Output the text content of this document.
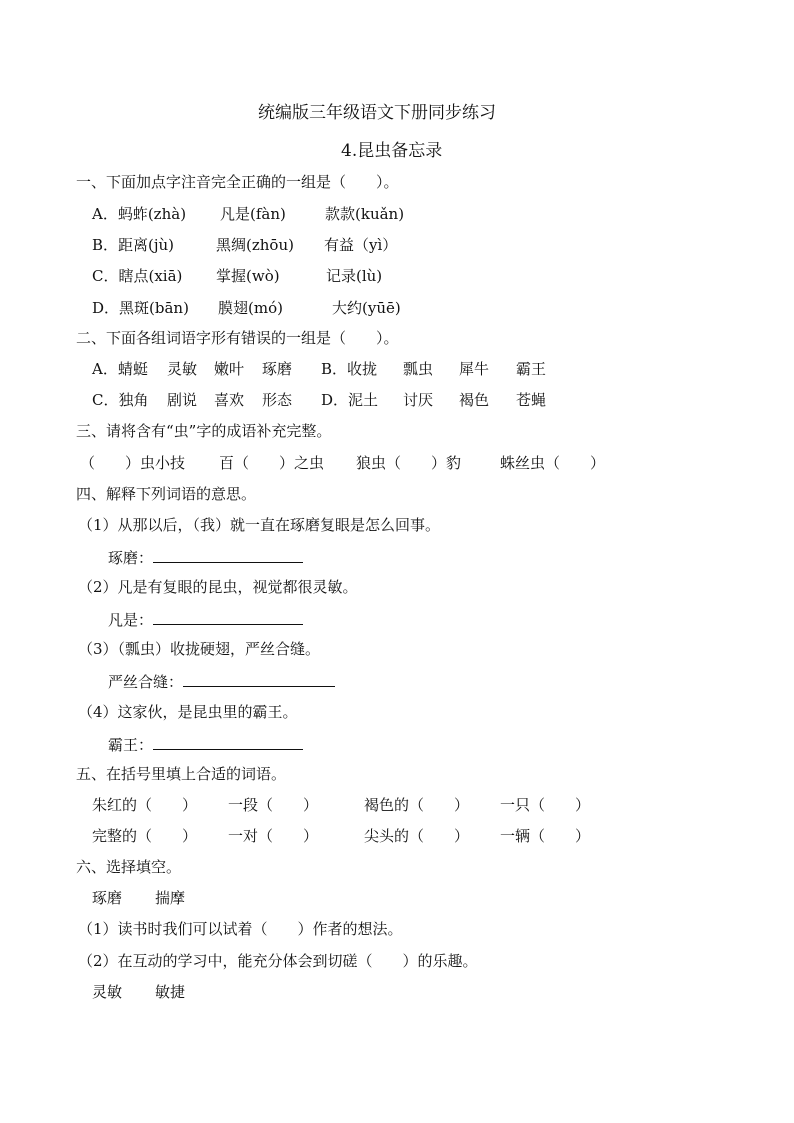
统编版三年级语文下册同步练习
4.昆虫备忘录
一、下面加点字注音完全正确的一组是（　　）。
A．蚂蚱(zhà) 凡是(fàn)	款款(kuǎn)
B．距离(jù)	黑绸(zhōu) 有益（yì）
C．瞎点(xiā) 掌握(wò)	记录(lù)
D．黑斑(bān) 膜翅(mó)	大约(yūē)
二、下面各组词语字形有错误的一组是（　　）。
A．蜻蜓 灵敏 嫩叶 琢磨 B．收拢 瓢虫 犀牛 霸王
C．独角 剧说 喜欢 形态 D．泥土 讨厌 褐色 苍蝇
三、请将含有“虫”字的成语补充完整。
（　　）虫小技 百（　　）之虫 狼虫（　　）豹	蛛丝虫（　　）
四、解释下列词语的意思。
（1）从那以后，（我）就一直在琢磨复眼是怎么回事。
琢磨：
（2）凡是有复眼的昆虫，视觉都很灵敏。
凡是：
（3）（瓢虫）收拢硬翅，严丝合缝。
严丝合缝：
（4）这家伙，是昆虫里的霸王。
霸王：
五、在括号里填上合适的词语。
朱红的（　　） 一段（　　）	褐色的（　　） 一只（　　）
完整的（　　） 一对（　　）	尖头的（　　） 一辆（　　）
六、选择填空。
琢磨 揣摩
（1）读书时我们可以试着（　　）作者的想法。
（2）在互动的学习中，能充分体会到切磋（　　）的乐趣。
灵敏 敏捷
